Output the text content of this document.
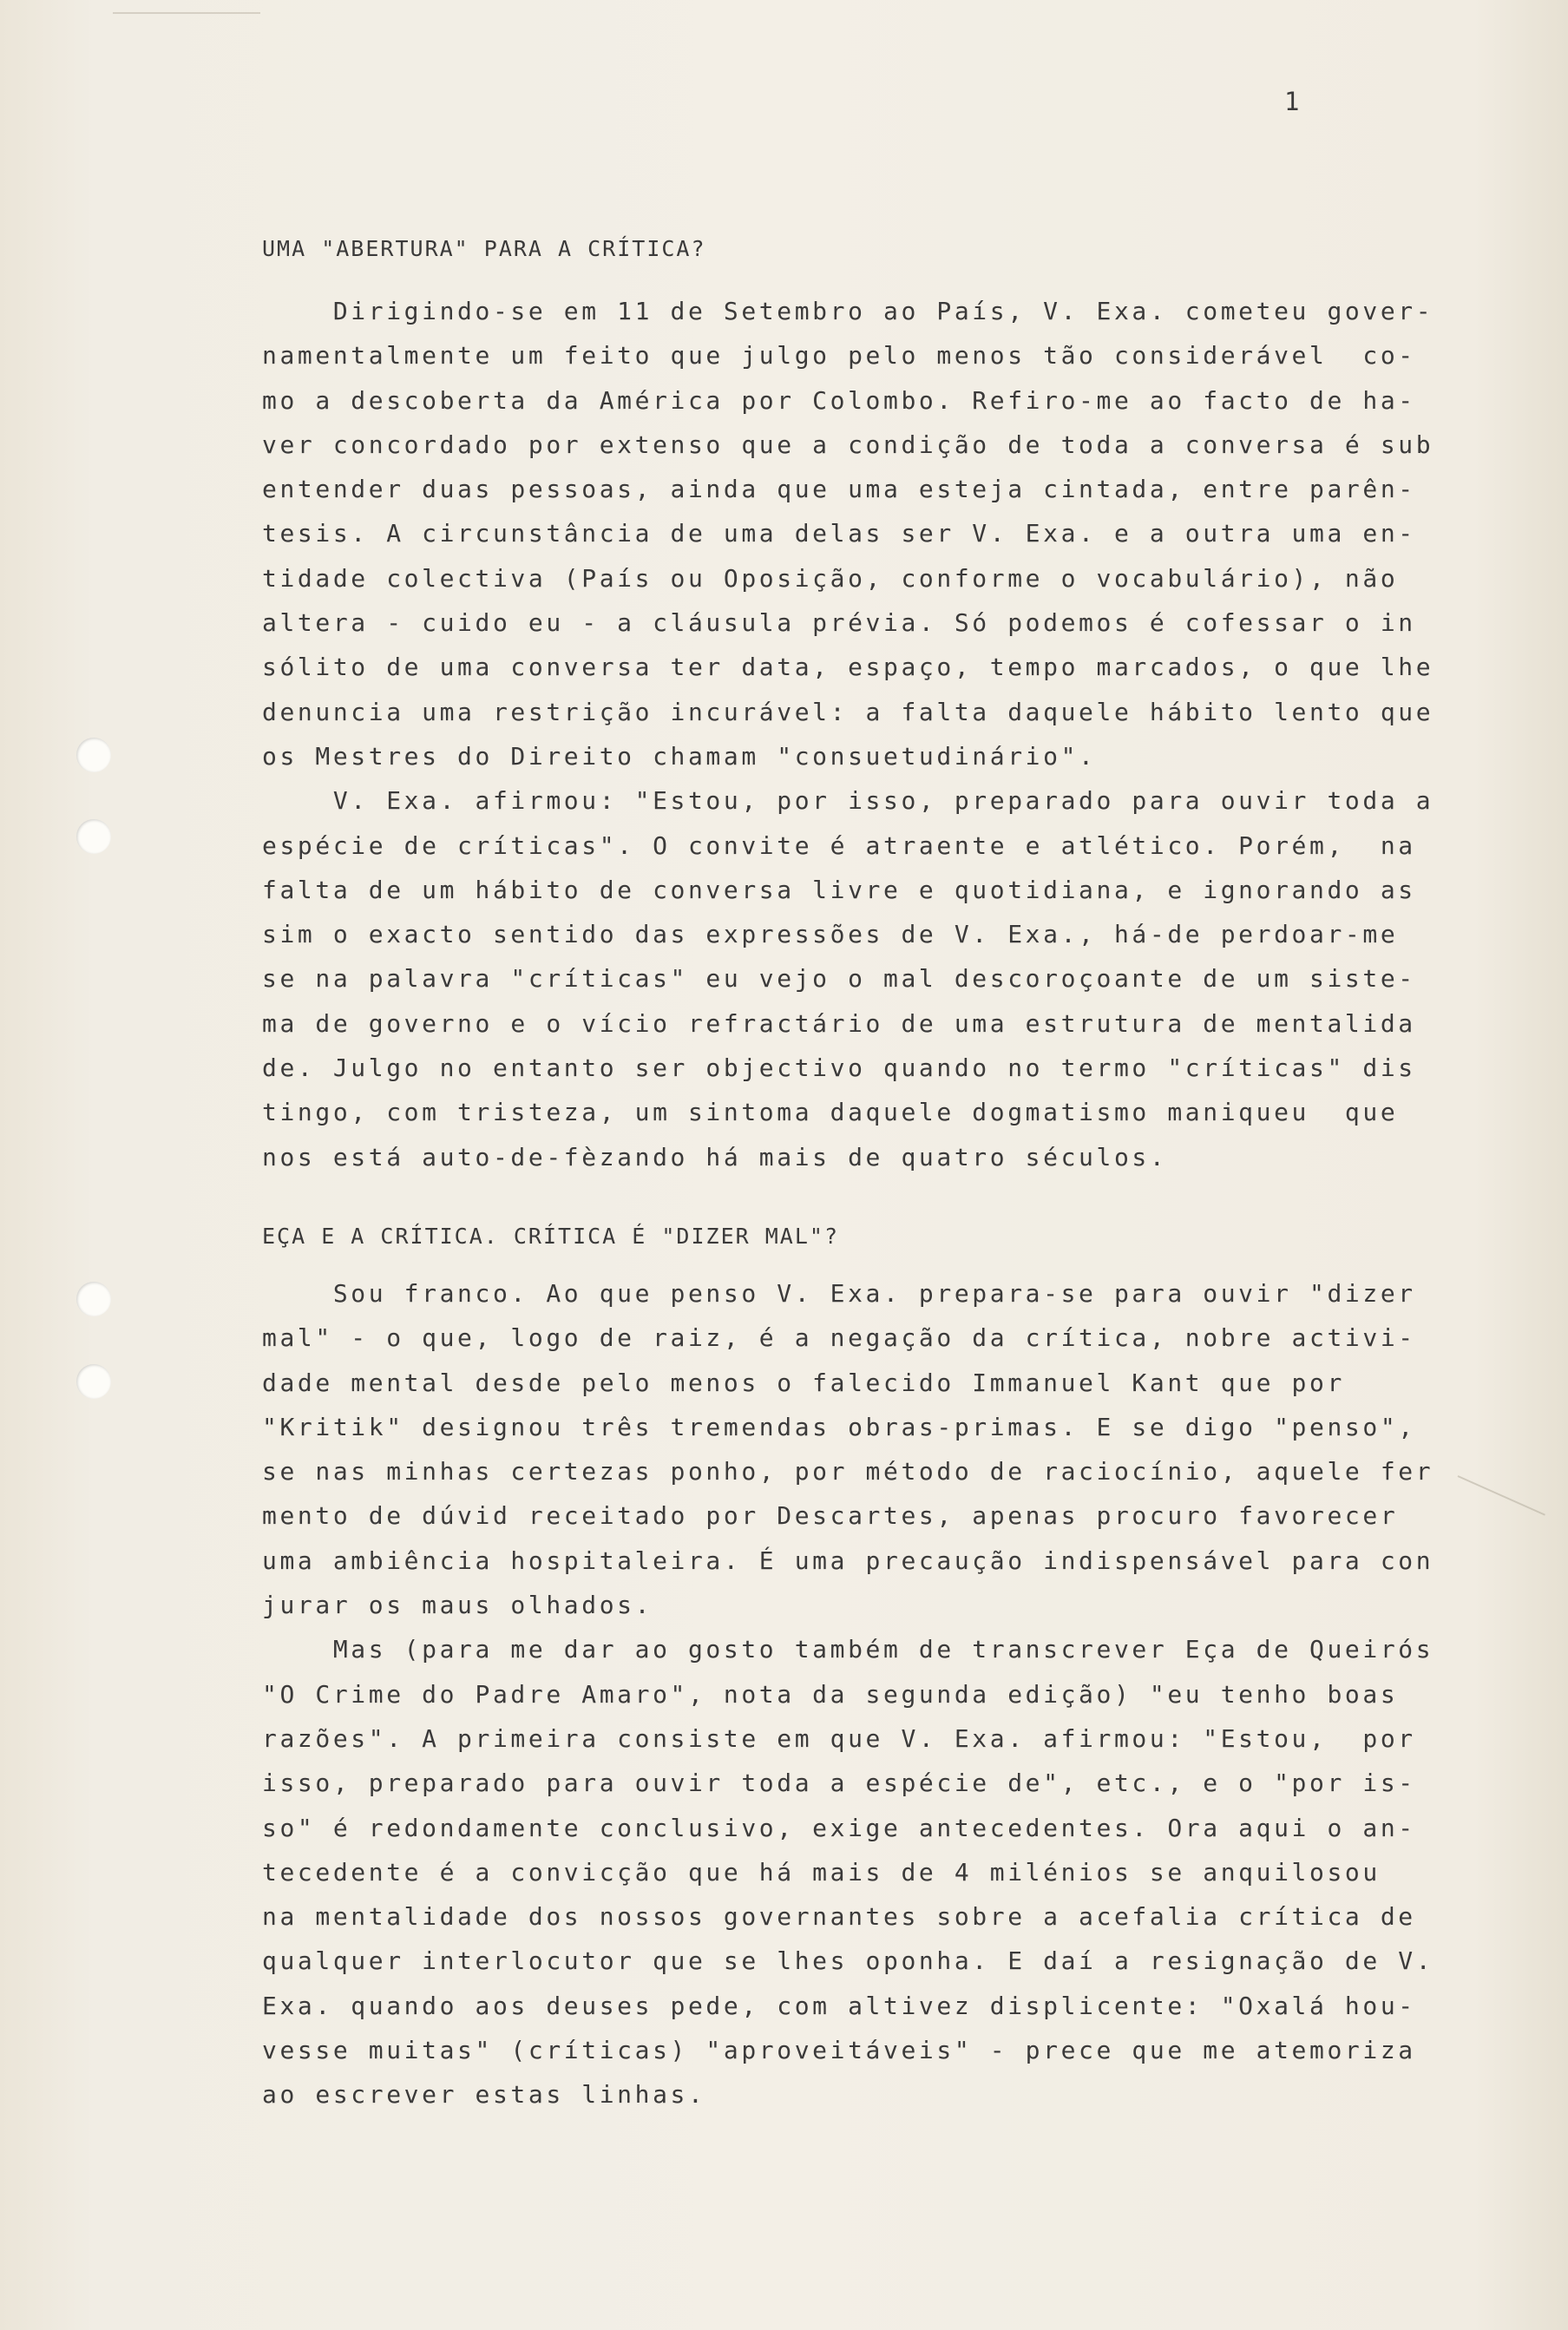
1
UMA "ABERTURA" PARA A CRÍTICA?
Dirigindo-se em 11 de Setembro ao País, V. Exa. cometeu gover-
namentalmente um feito que julgo pelo menos tão considerável  co-
mo a descoberta da América por Colombo. Refiro-me ao facto de ha-
ver concordado por extenso que a condição de toda a conversa é sub
entender duas pessoas, ainda que uma esteja cintada, entre parên-
tesis. A circunstância de uma delas ser V. Exa. e a outra uma en-
tidade colectiva (País ou Oposição, conforme o vocabulário), não
altera - cuido eu - a cláusula prévia. Só podemos é cofessar o in
sólito de uma conversa ter data, espaço, tempo marcados, o que lhe
denuncia uma restrição incurável: a falta daquele hábito lento que
os Mestres do Direito chamam "consuetudinário".
V. Exa. afirmou: "Estou, por isso, preparado para ouvir toda a
espécie de críticas". O convite é atraente e atlético. Porém,  na
falta de um hábito de conversa livre e quotidiana, e ignorando as
sim o exacto sentido das expressões de V. Exa., há-de perdoar-me
se na palavra "críticas" eu vejo o mal descoroçoante de um siste-
ma de governo e o vício refractário de uma estrutura de mentalida
de. Julgo no entanto ser objectivo quando no termo "críticas" dis
tingo, com tristeza, um sintoma daquele dogmatismo maniqueu  que
nos está auto-de-fèzando há mais de quatro séculos.
EÇA E A CRÍTICA. CRÍTICA É "DIZER MAL"?
Sou franco. Ao que penso V. Exa. prepara-se para ouvir "dizer
mal" - o que, logo de raiz, é a negação da crítica, nobre activi-
dade mental desde pelo menos o falecido Immanuel Kant que por
"Kritik" designou três tremendas obras-primas. E se digo "penso",
se nas minhas certezas ponho, por método de raciocínio, aquele fer
mento de dúvid receitado por Descartes, apenas procuro favorecer
uma ambiência hospitaleira. É uma precaução indispensável para con
jurar os maus olhados.
Mas (para me dar ao gosto também de transcrever Eça de Queirós
"O Crime do Padre Amaro", nota da segunda edição) "eu tenho boas
razões". A primeira consiste em que V. Exa. afirmou: "Estou,  por
isso, preparado para ouvir toda a espécie de", etc., e o "por is-
so" é redondamente conclusivo, exige antecedentes. Ora aqui o an-
tecedente é a convicção que há mais de 4 milénios se anquilosou
na mentalidade dos nossos governantes sobre a acefalia crítica de
qualquer interlocutor que se lhes oponha. E daí a resignação de V.
Exa. quando aos deuses pede, com altivez displicente: "Oxalá hou-
vesse muitas" (críticas) "aproveitáveis" - prece que me atemoriza
ao escrever estas linhas.
